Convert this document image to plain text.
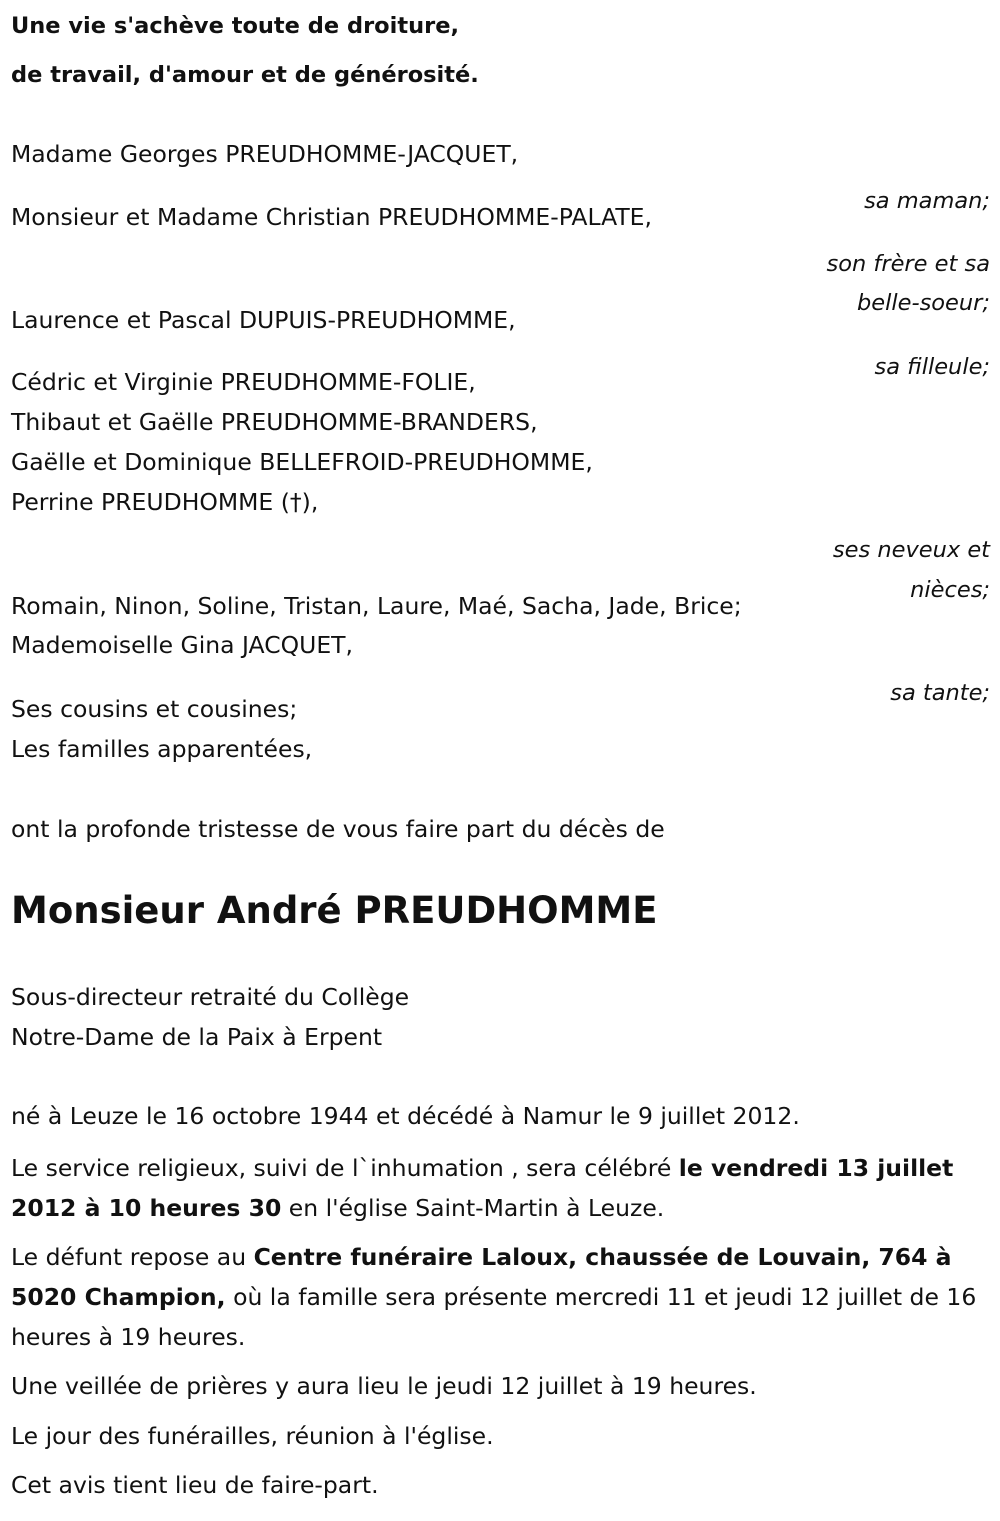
Une vie s'achève toute de droiture,

de travail, d'amour et de générosité.

Madame Georges PREUDHOMME-JACQUET,

sa maman;

Monsieur et Madame Christian PREUDHOMME-PALATE,

son frère et sa

belle-soeur;

Laurence et Pascal DUPUIS-PREUDHOMME,

sa filleule;

Cédric et Virginie PREUDHOMME-FOLIE,

Thibaut et Gaëlle PREUDHOMME-BRANDERS,

Gaëlle et Dominique BELLEFROID-PREUDHOMME,

Perrine PREUDHOMME (†),

ses neveux et

nièces;

Romain, Ninon, Soline, Tristan, Laure, Maé, Sacha, Jade, Brice;

Mademoiselle Gina JACQUET,

sa tante;

Ses cousins et cousines;

Les familles apparentées,

ont la profonde tristesse de vous faire part du décès de

Monsieur André PREUDHOMME

Sous-directeur retraité du Collège

Notre-Dame de la Paix à Erpent

né à Leuze le 16 octobre 1944 et décédé à Namur le 9 juillet 2012.

Le service religieux, suivi de l`inhumation , sera célébré le vendredi 13 juillet 2012 à 10 heures 30 en l'église Saint-Martin à Leuze.

Le défunt repose au Centre funéraire Laloux, chaussée de Louvain, 764 à 5020 Champion, où la famille sera présente mercredi 11 et jeudi 12 juillet de 16 heures à 19 heures.

Une veillée de prières y aura lieu le jeudi 12 juillet à 19 heures.

Le jour des funérailles, réunion à l'église.

Cet avis tient lieu de faire-part.
